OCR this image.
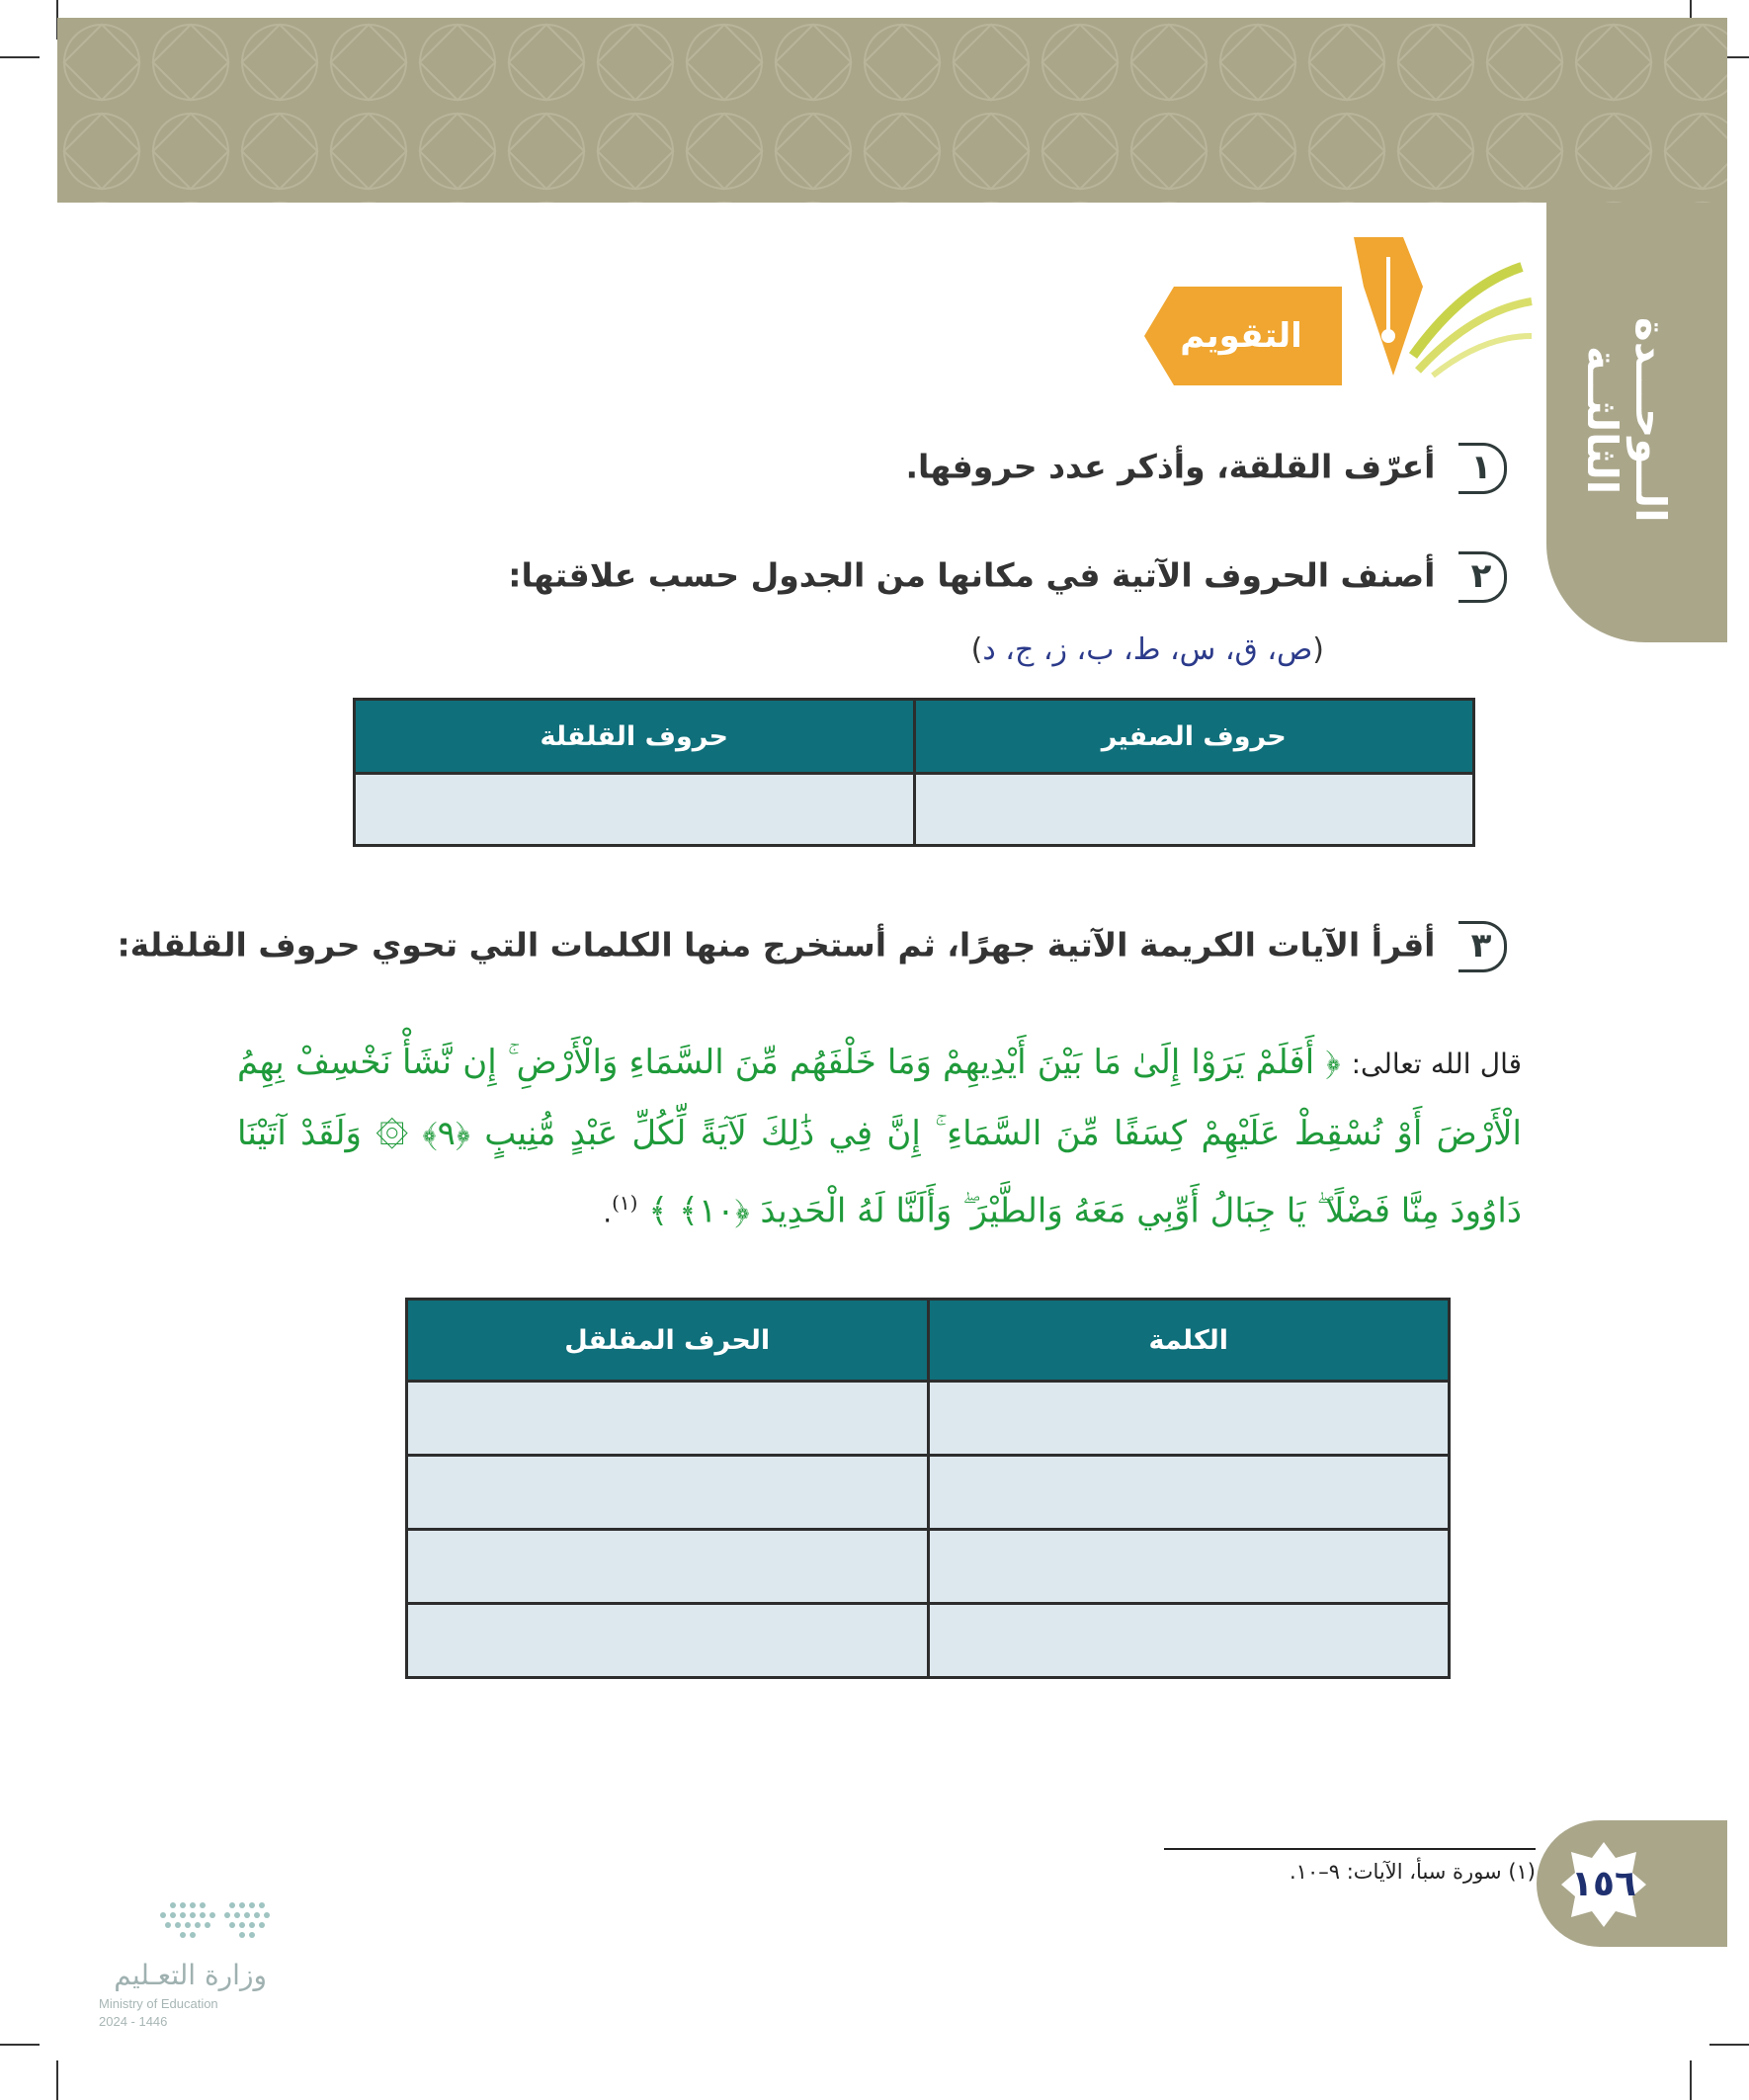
الــوحـــدة الثالثــة
التقويم
١ أعرّف القلقة، وأذكر عدد حروفها.
٢ أصنف الحروف الآتية في مكانها من الجدول حسب علاقتها:
(ص، ق، س، ط، ب، ز، ج، د)
حروف الصفير	حروف القلقلة

٣ أقرأ الآيات الكريمة الآتية جهرًا، ثم أستخرج منها الكلمات التي تحوي حروف القلقلة:
قال الله تعالى: ﴿ أَفَلَمْ يَرَوْا إِلَىٰ مَا بَيْنَ أَيْدِيهِمْ وَمَا خَلْفَهُم مِّنَ السَّمَاءِ وَالْأَرْضِ ۚ إِن نَّشَأْ نَخْسِفْ بِهِمُ الْأَرْضَ أَوْ نُسْقِطْ عَلَيْهِمْ كِسَفًا مِّنَ السَّمَاءِ ۚ إِنَّ فِي ذَٰلِكَ لَآيَةً لِّكُلِّ عَبْدٍ مُّنِيبٍ ﴿٩﴾ ۞ وَلَقَدْ آتَيْنَا دَاوُودَ مِنَّا فَضْلًا ۖ يَا جِبَالُ أَوِّبِي مَعَهُ وَالطَّيْرَ ۖ وَأَلَنَّا لَهُ الْحَدِيدَ ﴿١٠﴾ ﴾ $^{(١)}$.
الكلمة	الحرف المقلقل

(١) سورة سبأ، الآيات: ٩–١٠.	١٥٦
وزارة التعـليم
Ministry of Education
2024 - 1446
